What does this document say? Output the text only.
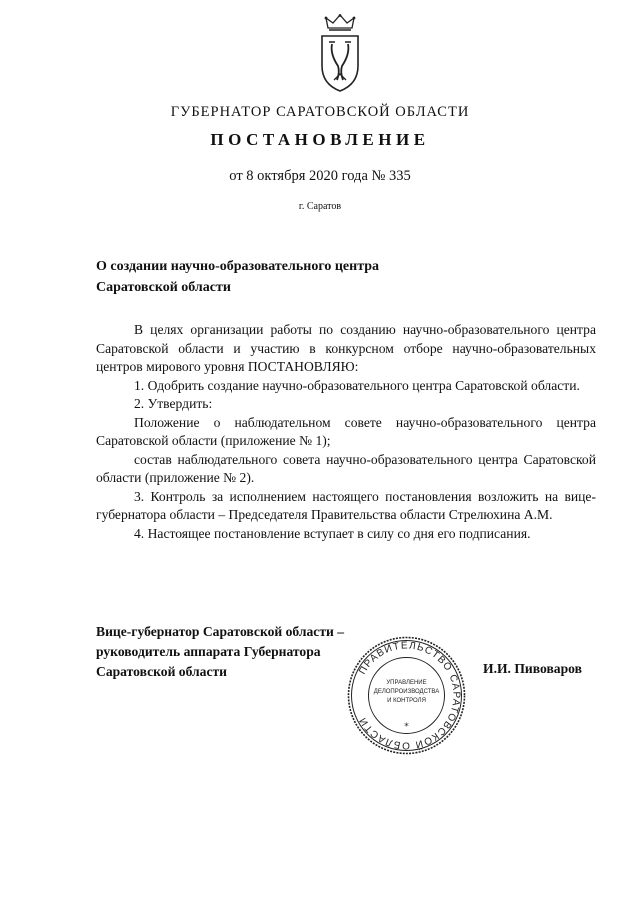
ГУБЕРНАТОР САРАТОВСКОЙ ОБЛАСТИ
ПОСТАНОВЛЕНИЕ
от 8 октября 2020 года № 335
г. Саратов
О создании научно-образовательного центра
Саратовской области

В целях организации работы по созданию научно-образовательного центра Саратовской области и участию в конкурсном отборе научно-образовательных центров мирового уровня ПОСТАНОВЛЯЮ:

1. Одобрить создание научно-образовательного центра Саратовской области.

2. Утвердить:

Положение о наблюдательном совете научно-образовательного центра Саратовской области (приложение № 1);

состав наблюдательного совета научно-образовательного центра Саратовской области (приложение № 2).

3. Контроль за исполнением настоящего постановления возложить на вице-губернатора области – Председателя Правительства области Стрелюхина А.М.

4. Настоящее постановление вступает в силу со дня его подписания.

Вице-губернатор Саратовской области –
руководитель аппарата Губернатора
Саратовской области	ПРАВИТЕЛЬСТВО САРАТОВСКОЙ ОБЛАСТИ	*
УПРАВЛЕНИЕ
ДЕЛОПРОИЗВОДСТВА
И КОНТРОЛЯ
И.И. Пивоваров
